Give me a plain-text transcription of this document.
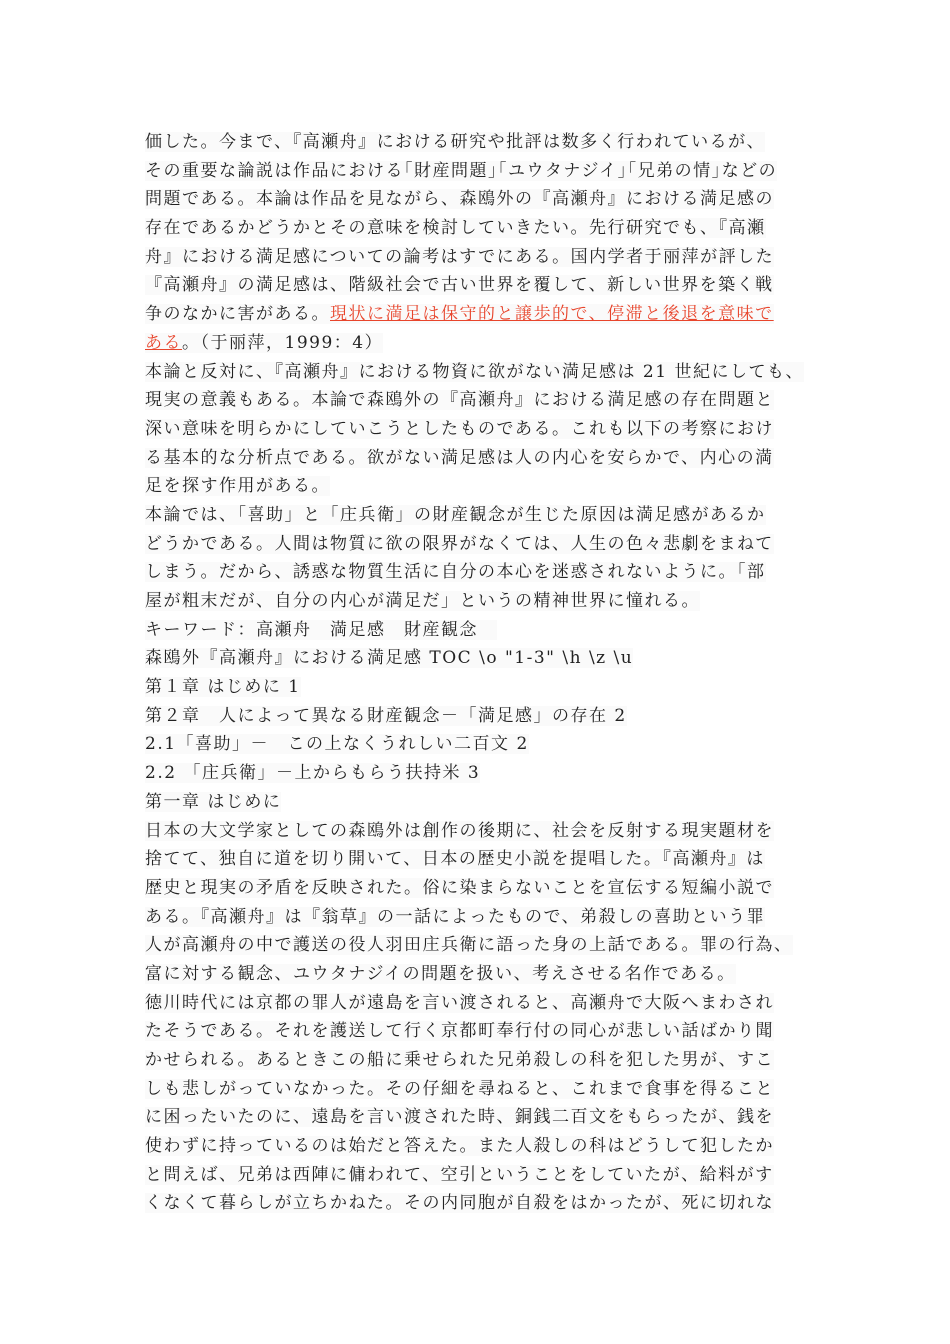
価した。今まで、『高瀬舟』における研究や批評は数多く行われているが、
その重要な論説は作品における｢財産問題｣｢ユウタナジイ｣｢兄弟の情｣などの
問題である。本論は作品を見ながら、森鴎外の『高瀬舟』における満足感の
存在であるかどうかとその意味を検討していきたい。先行研究でも、『高瀬
舟』における満足感についての論考はすでにある。国内学者于丽萍が評した
『高瀬舟』の満足感は、階級社会で古い世界を覆して、新しい世界を築く戦
争のなかに害がある。現状に満足は保守的と譲歩的で、停滞と後退を意味で
ある。（于丽萍，1999：4）
本論と反対に、『高瀬舟』における物資に欲がない満足感は 21 世紀にしても、
現実の意義もある。本論で森鴎外の『高瀬舟』における満足感の存在問題と
深い意味を明らかにしていこうとしたものである。これも以下の考察におけ
る基本的な分析点である。欲がない満足感は人の内心を安らかで、内心の満
足を探す作用がある。
本論では、「喜助」と「庄兵衛」の財産観念が生じた原因は満足感があるか
どうかである。人間は物質に欲の限界がなくては、人生の色々悲劇をまねて
しまう。だから、誘惑な物質生活に自分の本心を迷惑されないように。「部
屋が粗末だが、自分の内心が満足だ」というの精神世界に憧れる。
キーワード：高瀬舟　満足感　財産観念　
森鴎外『高瀬舟』における満足感 TOC \o "1-3" \h \z \u
第１章 はじめに 1
第２章　人によって異なる財産観念－「満足感」の存在 2
2.1「喜助」－　この上なくうれしい二百文 2
2.2 「庄兵衛」－上からもらう扶持米 3
第一章 はじめに
日本の大文学家としての森鴎外は創作の後期に、社会を反射する現実題材を
捨てて、独自に道を切り開いて、日本の歴史小説を提唱した。『高瀬舟』は
歴史と現実の矛盾を反映された。俗に染まらないことを宣伝する短編小説で
ある。『高瀬舟』は『翁草』の一話によったもので、弟殺しの喜助という罪
人が高瀬舟の中で護送の役人羽田庄兵衛に語った身の上話である。罪の行為、
富に対する観念、ユウタナジイの問題を扱い、考えさせる名作である。
徳川時代には京都の罪人が遠島を言い渡されると、高瀬舟で大阪へまわされ
たそうである。それを護送して行く京都町奉行付の同心が悲しい話ばかり聞
かせられる。あるときこの船に乗せられた兄弟殺しの科を犯した男が、すこ
しも悲しがっていなかった。その仔細を尋ねると、これまで食事を得ること
に困ったいたのに、遠島を言い渡された時、銅銭二百文をもらったが、銭を
使わずに持っているのは始だと答えた。また人殺しの科はどうして犯したか
と問えば、兄弟は西陣に傭われて、空引ということをしていたが、給料がす
くなくて暮らしが立ちかねた。その内同胞が自殺をはかったが、死に切れな
